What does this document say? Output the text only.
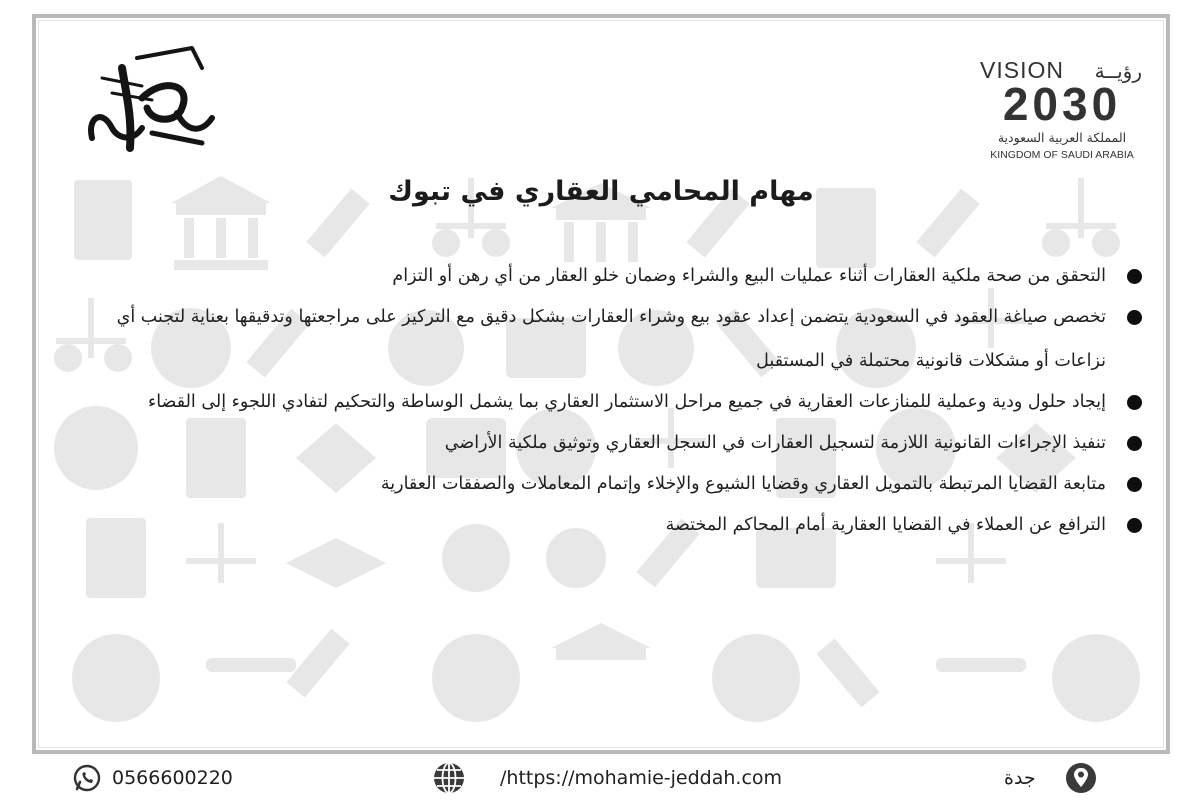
VISION رؤيــة
2030
المملكة العربية السعودية
KINGDOM OF SAUDI ARABIA
مهام المحامي العقاري في تبوك
التحقق من صحة ملكية العقارات أثناء عمليات البيع والشراء وضمان خلو العقار من أي رهن أو التزام
تخصص صياغة العقود في السعودية يتضمن إعداد عقود بيع وشراء العقارات بشكل دقيق مع التركيز على مراجعتها وتدقيقها بعناية لتجنب أي نزاعات أو مشكلات قانونية محتملة في المستقبل
إيجاد حلول ودية وعملية للمنازعات العقارية في جميع مراحل الاستثمار العقاري بما يشمل الوساطة والتحكيم لتفادي اللجوء إلى القضاء
تنفيذ الإجراءات القانونية اللازمة لتسجيل العقارات في السجل العقاري وتوثيق ملكية الأراضي
متابعة القضايا المرتبطة بالتمويل العقاري وقضايا الشيوع والإخلاء وإتمام المعاملات والصفقات العقارية
الترافع عن العملاء في القضايا العقارية أمام المحاكم المختصة
0566600220	/https://mohamie-jeddah.com	جدة
